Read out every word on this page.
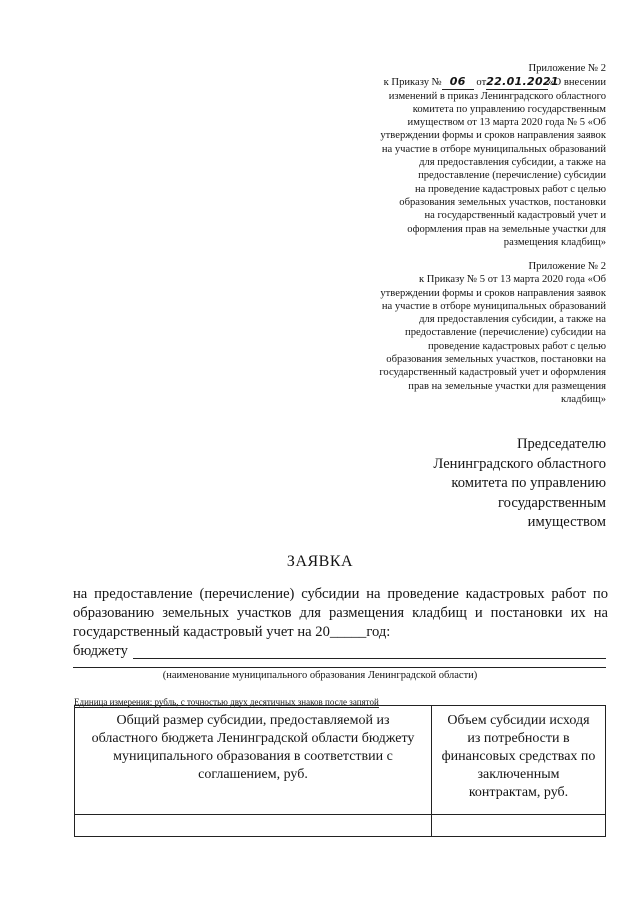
Приложение № 2
к Приказу № 06 от22.01.2021«О внесении
изменений в приказ Ленинградского областного
комитета по управлению государственным
имуществом от 13 марта 2020 года № 5 «Об
утверждении формы и сроков направления заявок
на участие в отборе муниципальных образований
для предоставления субсидии, а также на
предоставление (перечисление) субсидии
на проведение кадастровых работ с целью
образования земельных участков, постановки
на государственный кадастровый учет и
оформления прав на земельные участки для
размещения кладбищ»
Приложение № 2
к Приказу № 5 от 13 марта 2020 года «Об
утверждении формы и сроков направления заявок
на участие в отборе муниципальных образований
для предоставления субсидии, а также на
предоставление (перечисление) субсидии на
проведение кадастровых работ с целью
образования земельных участков, постановки на
государственный кадастровый учет и оформления
прав на земельные участки для размещения
кладбищ»
Председателю
Ленинградского областного
комитета по управлению
государственным
имуществом
ЗАЯВКА
на предоставление (перечисление) субсидии на проведение кадастровых работ по
образованию земельных участков для размещения кладбищ и постановки их на
государственный кадастровый учет на 20_____год:
бюджету
(наименование муниципального образования Ленинградской области)
Единица измерения: рубль, с точностью двух десятичных знаков после запятой
Общий размер субсидии, предоставляемой из областного бюджета Ленинградской области бюджету муниципального образования в соответствии с соглашением, руб.	Объем субсидии исходя из потребности в финансовых средствах по заключенным контрактам, руб.
